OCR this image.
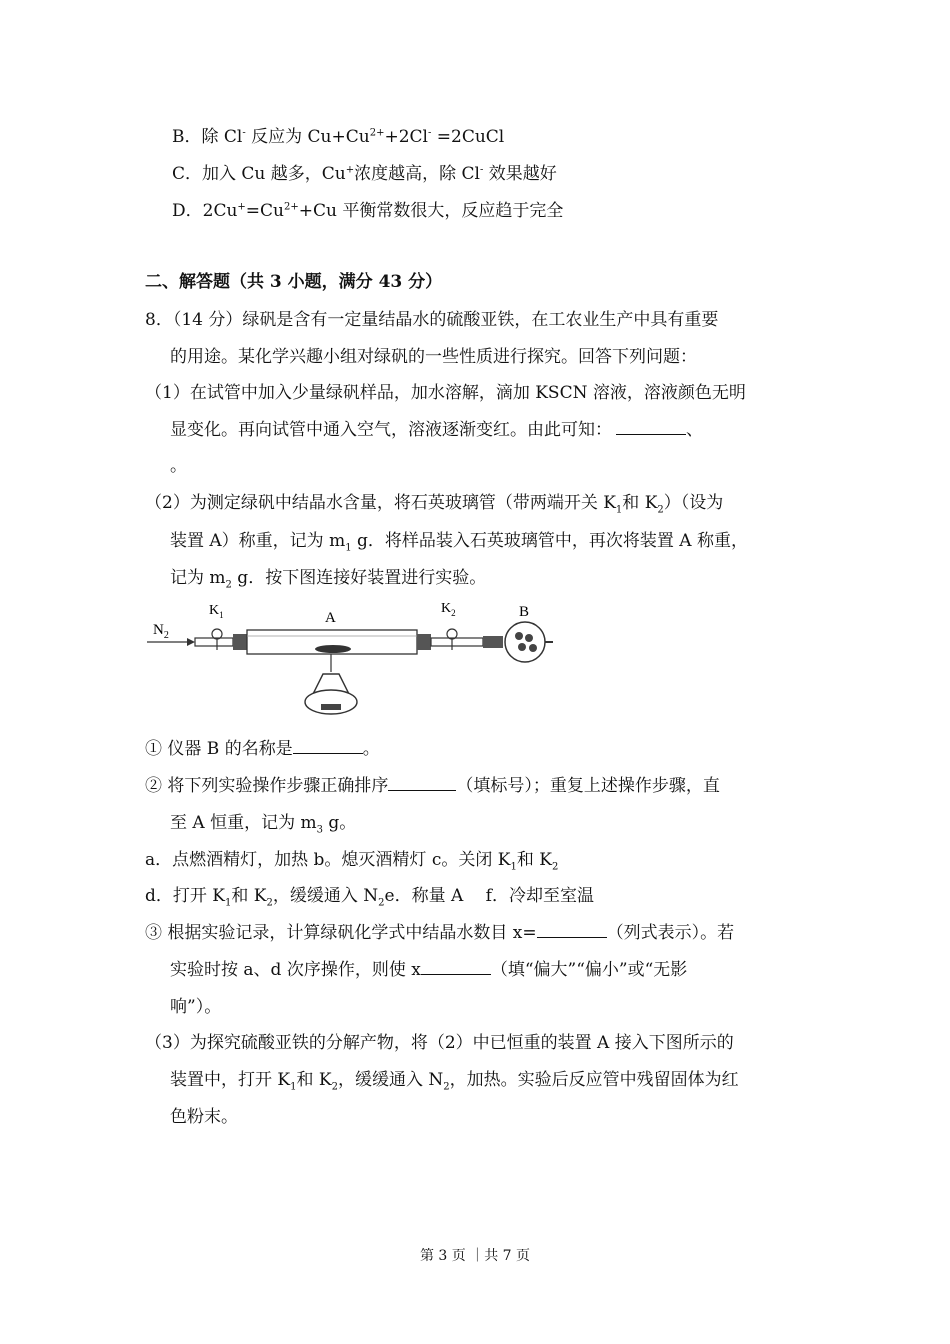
B．除 Cl- 反应为 $Cu+Cu^{2+}+2Cl^-$ =2CuCl
C．加入 Cu 越多，Cu+浓度越高，除 Cl- 效果越好
D．$2Cu^+=Cu^{2+}+Cu$ 平衡常数很大，反应趋于完全
二、解答题（共 3 小题，满分 43 分）
8．（14 分）绿矾是含有一定量结晶水的硫酸亚铁，在工农业生产中具有重要
的用途。某化学兴趣小组对绿矾的一些性质进行探究。回答下列问题：
（1）在试管中加入少量绿矾样品，加水溶解，滴加 KSCN 溶液，溶液颜色无明
显变化。再向试管中通入空气，溶液逐渐变红。由此可知：	、
。
（2）为测定绿矾中结晶水含量，将石英玻璃管（带两端开关 $K_1$和 $K_2$）（设为
装置 A）称重，记为 $m_1$ g．将样品装入石英玻璃管中，再次将装置 A 称重，
记为 $m_2$ g．按下图连接好装置进行实验。
$N_2$
$K_1$	A
$K_2$	B
① 仪器 B 的名称是	。
② 将下列实验操作步骤正确排序	（填标号）；重复上述操作步骤，直
至 A 恒重，记为 $m_3$ g。
a．点燃酒精灯，加热 b。熄灭酒精灯 c。关闭 $K_1$和 $K_2$
d．打开 $K_1$和 $K_2$，缓缓通入 $N_2e$．称量 A　 f．冷却至室温
③ 根据实验记录，计算绿矾化学式中结晶水数目 x=	（列式表示）。若
实验时按 a、d 次序操作，则使 x	（填“偏大”“偏小”或“无影
响”）。
（3）为探究硫酸亚铁的分解产物，将（2）中已恒重的装置 A 接入下图所示的
装置中，打开 $K_1$和 $K_2$，缓缓通入 $N_2$，加热。实验后反应管中残留固体为红
色粉末。
第 3 页 ｜共 7 页
